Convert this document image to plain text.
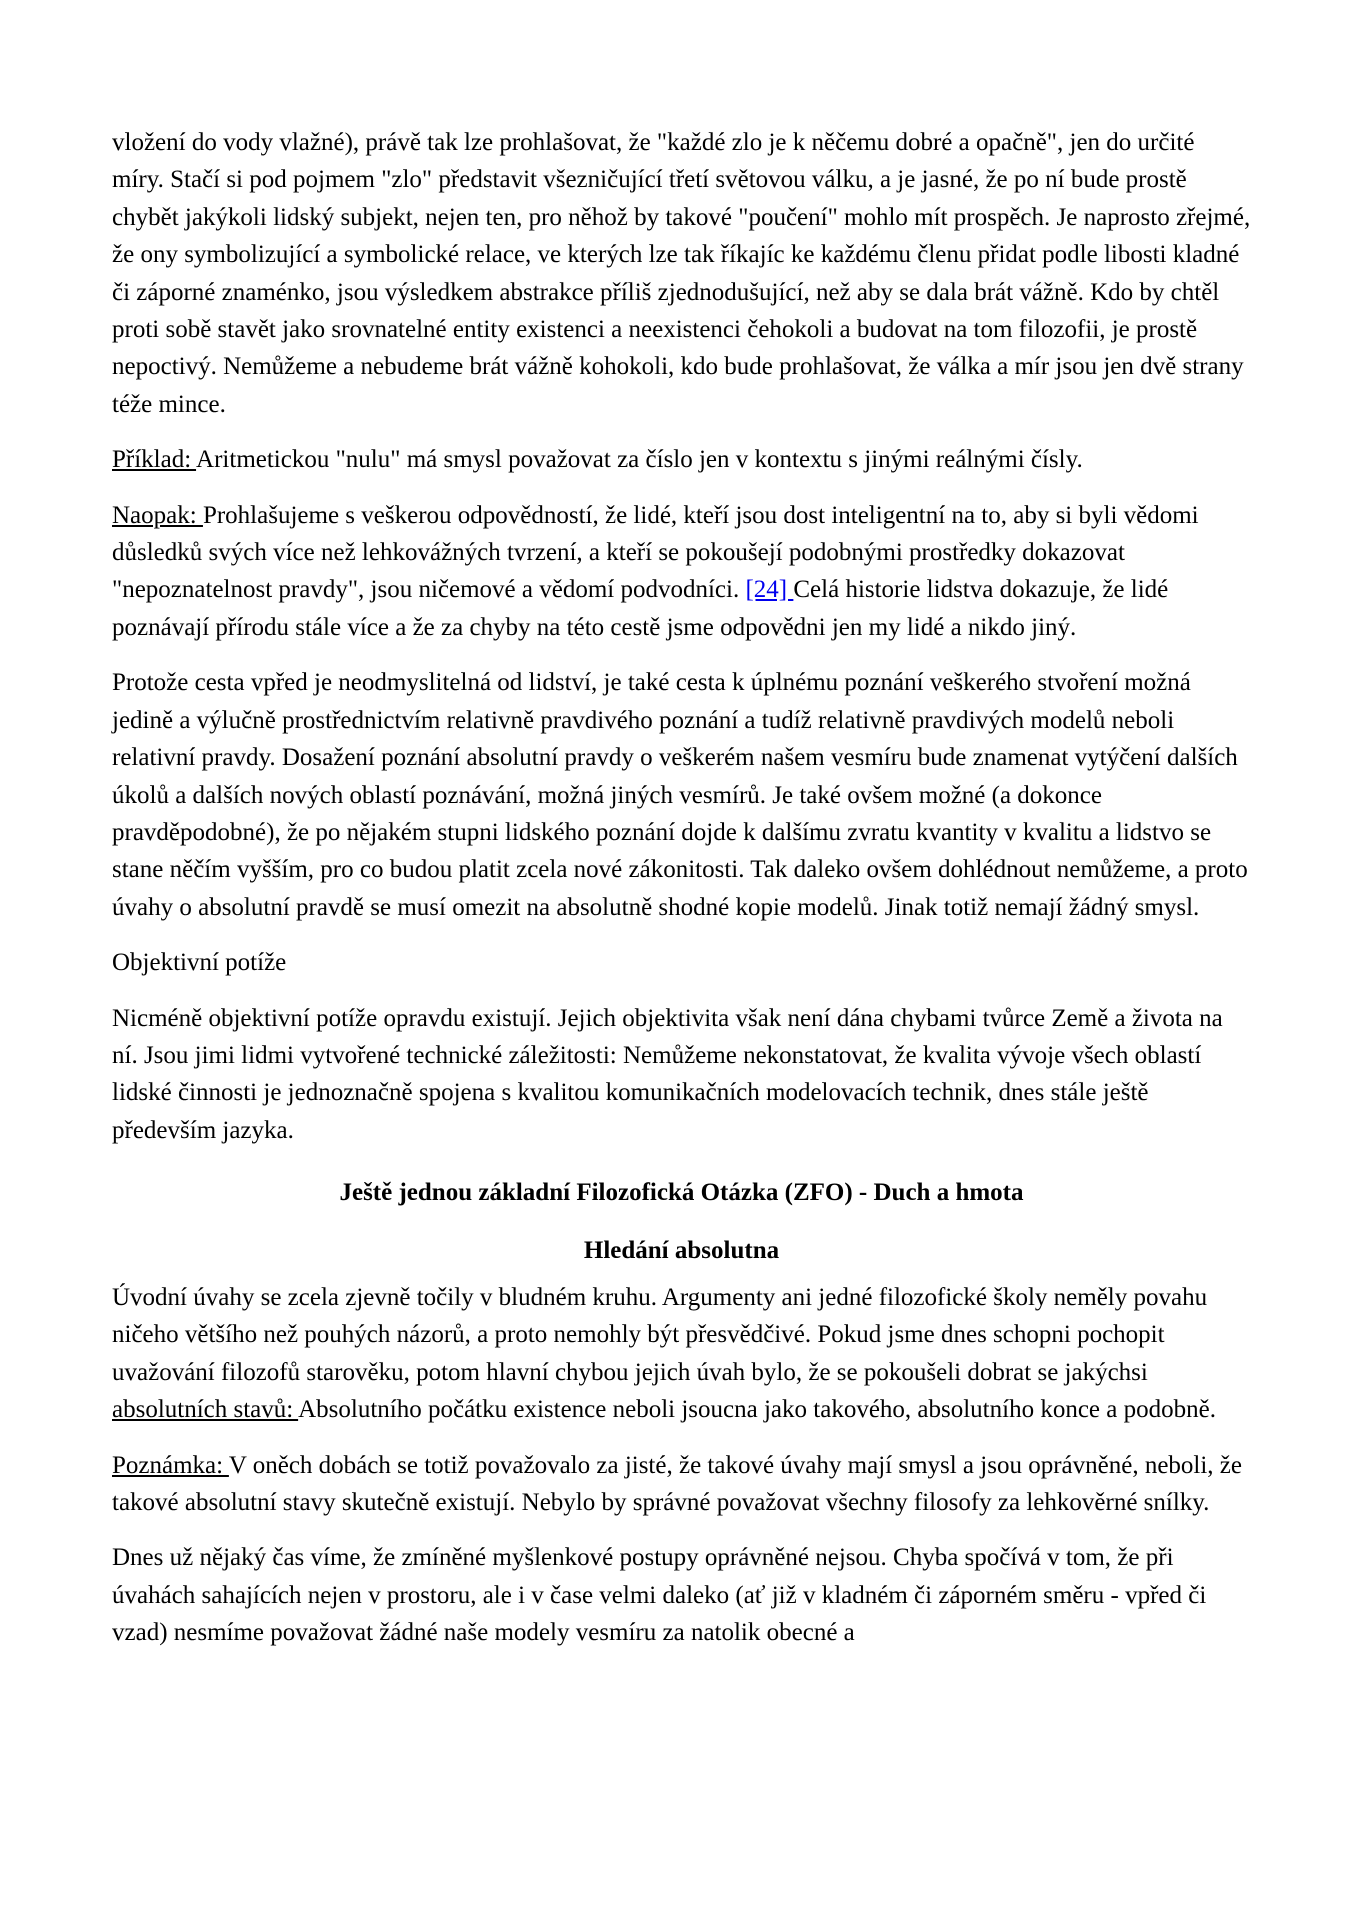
vložení do vody vlažné), právě tak lze prohlašovat, že "každé zlo je k něčemu dobré a opačně", jen do určité míry. Stačí si pod pojmem "zlo" představit všezničující třetí světovou válku, a je jasné, že po ní bude prostě chybět jakýkoli lidský subjekt, nejen ten, pro něhož by takové "poučení" mohlo mít prospěch. Je naprosto zřejmé, že ony symbolizující a symbolické relace, ve kterých lze tak říkajíc ke každému členu přidat podle libosti kladné či záporné znaménko, jsou výsledkem abstrakce příliš zjednodušující, než aby se dala brát vážně. Kdo by chtěl proti sobě stavět jako srovnatelné entity existenci a neexistenci čehokoli a budovat na tom filozofii, je prostě nepoctivý. Nemůžeme a nebudeme brát vážně kohokoli, kdo bude prohlašovat, že válka a mír jsou jen dvě strany téže mince.

Příklad: Aritmetickou "nulu" má smysl považovat za číslo jen v kontextu s jinými reálnými čísly.

Naopak: Prohlašujeme s veškerou odpovědností, že lidé, kteří jsou dost inteligentní na to, aby si byli vědomi důsledků svých více než lehkovážných tvrzení, a kteří se pokoušejí podobnými prostředky dokazovat "nepoznatelnost pravdy", jsou ničemové a vědomí podvodníci. [24] Celá historie lidstva dokazuje, že lidé poznávají přírodu stále více a že za chyby na této cestě jsme odpovědni jen my lidé a nikdo jiný.

Protože cesta vpřed je neodmyslitelná od lidství, je také cesta k úplnému poznání veškerého stvoření možná jedině a výlučně prostřednictvím relativně pravdivého poznání a tudíž relativně pravdivých modelů neboli relativní pravdy. Dosažení poznání absolutní pravdy o veškerém našem vesmíru bude znamenat vytýčení dalších úkolů a dalších nových oblastí poznávání, možná jiných vesmírů. Je také ovšem možné (a dokonce pravděpodobné), že po nějakém stupni lidského poznání dojde k dalšímu zvratu kvantity v kvalitu a lidstvo se stane něčím vyšším, pro co budou platit zcela nové zákonitosti. Tak daleko ovšem dohlédnout nemůžeme, a proto úvahy o absolutní pravdě se musí omezit na absolutně shodné kopie modelů. Jinak totiž nemají žádný smysl.

Objektivní potíže

Nicméně objektivní potíže opravdu existují. Jejich objektivita však není dána chybami tvůrce Země a života na ní. Jsou jimi lidmi vytvořené technické záležitosti: Nemůžeme nekonstatovat, že kvalita vývoje všech oblastí lidské činnosti je jednoznačně spojena s kvalitou komunikačních modelovacích technik, dnes stále ještě především jazyka.

Ještě jednou základní Filozofická Otázka (ZFO) - Duch a hmota

Hledání absolutna

Úvodní úvahy se zcela zjevně točily v bludném kruhu. Argumenty ani jedné filozofické školy neměly povahu ničeho většího než pouhých názorů, a proto nemohly být přesvědčivé. Pokud jsme dnes schopni pochopit uvažování filozofů starověku, potom hlavní chybou jejich úvah bylo, že se pokoušeli dobrat se jakýchsi absolutních stavů: Absolutního počátku existence neboli jsoucna jako takového, absolutního konce a podobně.

Poznámka: V oněch dobách se totiž považovalo za jisté, že takové úvahy mají smysl a jsou oprávněné, neboli, že takové absolutní stavy skutečně existují. Nebylo by správné považovat všechny filosofy za lehkověrné snílky.

Dnes už nějaký čas víme, že zmíněné myšlenkové postupy oprávněné nejsou. Chyba spočívá v tom, že při úvahách sahajících nejen v prostoru, ale i v čase velmi daleko (ať již v kladném či záporném směru - vpřed či vzad) nesmíme považovat žádné naše modely vesmíru za natolik obecné a
